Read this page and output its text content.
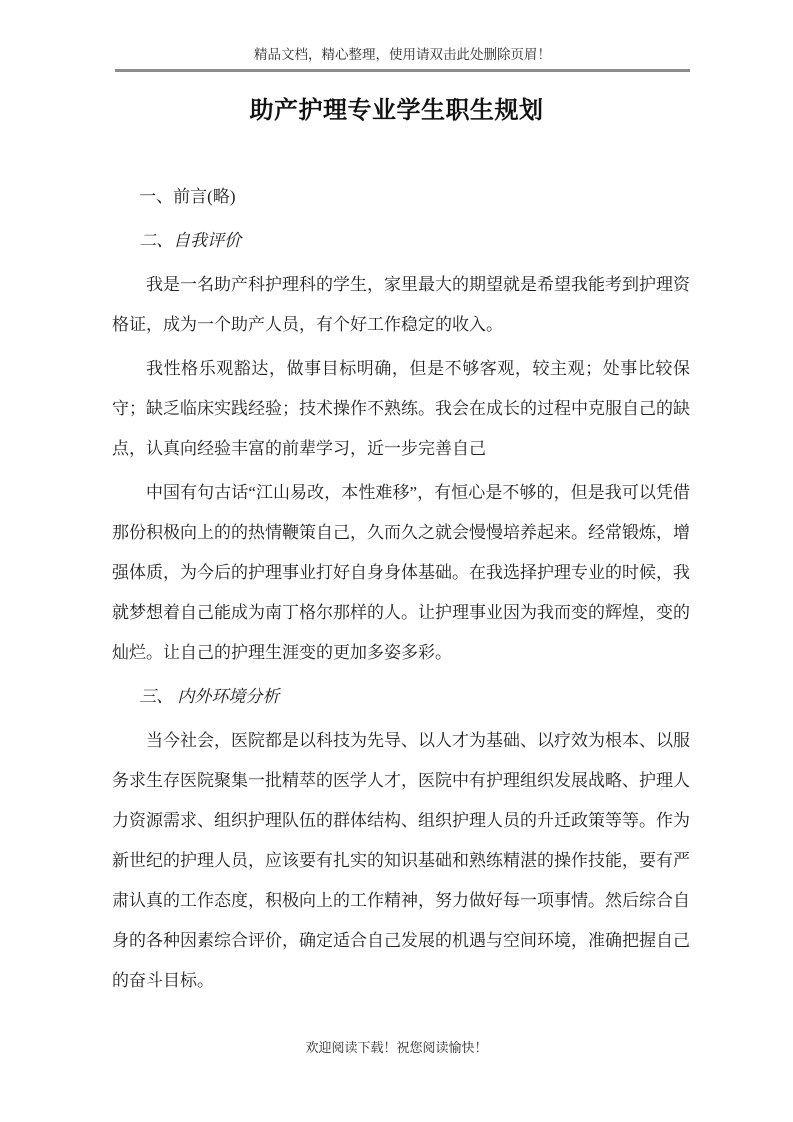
精品文档，精心整理，使用请双击此处删除页眉！
助产护理专业学生职生规划

一、前言(略)

二、自我评价

我是一名助产科护理科的学生，家里最大的期望就是希望我能考到护理资格证，成为一个助产人员，有个好工作稳定的收入。

我性格乐观豁达，做事目标明确，但是不够客观，较主观；处事比较保守；缺乏临床实践经验；技术操作不熟练。我会在成长的过程中克服自己的缺点，认真向经验丰富的前辈学习，近一步完善自己

中国有句古话“江山易改，本性难移”，有恒心是不够的，但是我可以凭借那份积极向上的的热情鞭策自己，久而久之就会慢慢培养起来。经常锻炼，增强体质，为今后的护理事业打好自身身体基础。在我选择护理专业的时候，我就梦想着自己能成为南丁格尔那样的人。让护理事业因为我而变的辉煌，变的灿烂。让自己的护理生涯变的更加多姿多彩。

三、 内外环境分析

当今社会，医院都是以科技为先导、以人才为基础、以疗效为根本、以服务求生存医院聚集一批精萃的医学人才，医院中有护理组织发展战略、护理人力资源需求、组织护理队伍的群体结构、组织护理人员的升迁政策等等。作为新世纪的护理人员，应该要有扎实的知识基础和熟练精湛的操作技能，要有严肃认真的工作态度，积极向上的工作精神，努力做好每一项事情。然后综合自身的各种因素综合评价，确定适合自己发展的机遇与空间环境，准确把握自己的奋斗目标。

欢迎阅读下载！祝您阅读愉快！
